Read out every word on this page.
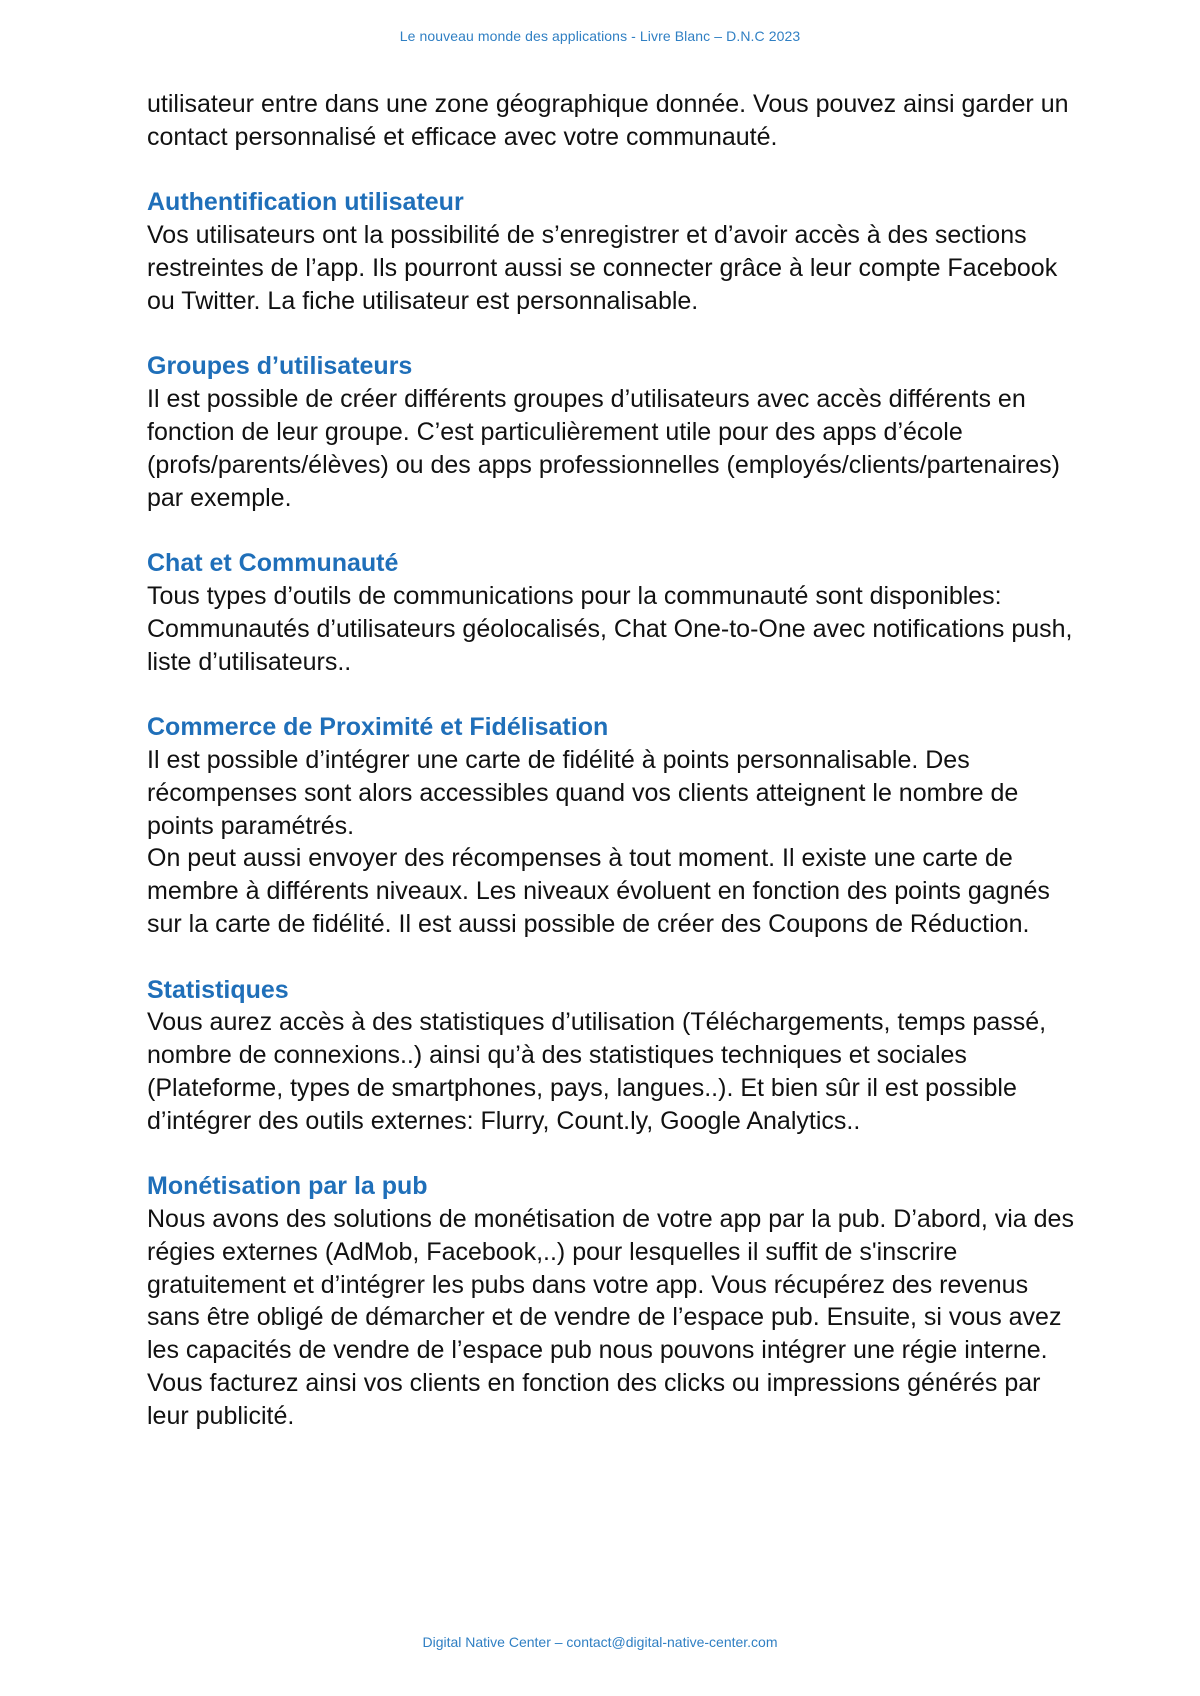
Le nouveau monde des applications - Livre Blanc – D.N.C 2023

utilisateur entre dans une zone géographique donnée. Vous pouvez ainsi garder un contact personnalisé et efficace avec votre communauté.

Authentification utilisateur

Vos utilisateurs ont la possibilité de s’enregistrer et d’avoir accès à des sections restreintes de l’app. Ils pourront aussi se connecter grâce à leur compte Facebook ou Twitter. La fiche utilisateur est personnalisable.

Groupes d’utilisateurs

Il est possible de créer différents groupes d’utilisateurs avec accès différents en fonction de leur groupe. C’est particulièrement utile pour des apps d’école (profs/parents/élèves) ou des apps professionnelles (employés/clients/partenaires) par exemple.

Chat et Communauté

Tous types d’outils de communications pour la communauté sont disponibles: Communautés d’utilisateurs géolocalisés, Chat One-to-One avec notifications push, liste d’utilisateurs..

Commerce de Proximité et Fidélisation

Il est possible d’intégrer une carte de fidélité à points personnalisable. Des récompenses sont alors accessibles quand vos clients atteignent le nombre de points paramétrés.

On peut aussi envoyer des récompenses à tout moment. Il existe une carte de membre à différents niveaux. Les niveaux évoluent en fonction des points gagnés sur la carte de fidélité. Il est aussi possible de créer des Coupons de Réduction.

Statistiques

Vous aurez accès à des statistiques d’utilisation (Téléchargements, temps passé, nombre de connexions..) ainsi qu’à des statistiques techniques et sociales (Plateforme, types de smartphones, pays, langues..). Et bien sûr il est possible d’intégrer des outils externes: Flurry, Count.ly, Google Analytics..

Monétisation par la pub

Nous avons des solutions de monétisation de votre app par la pub. D’abord, via des régies externes (AdMob, Facebook,..) pour lesquelles il suffit de s'inscrire gratuitement et d’intégrer les pubs dans votre app. Vous récupérez des revenus sans être obligé de démarcher et de vendre de l’espace pub. Ensuite, si vous avez les capacités de vendre de l’espace pub nous pouvons intégrer une régie interne. Vous facturez ainsi vos clients en fonction des clicks ou impressions générés par leur publicité.

Digital Native Center – contact@digital-native-center.com
